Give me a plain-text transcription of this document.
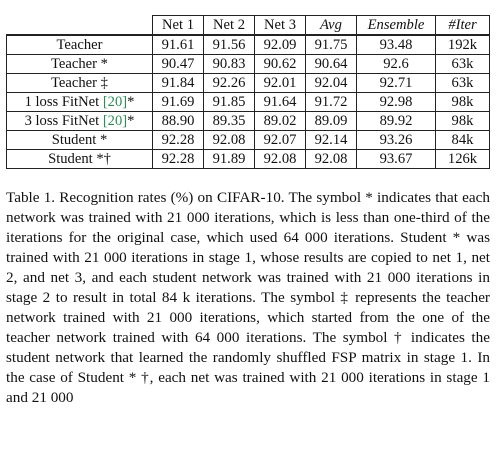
	Net 1	Net 2	Net 3	Avg	Ensemble	#Iter
Teacher	91.61	91.56	92.09	91.75	93.48	192k
Teacher *	90.47	90.83	90.62	90.64	92.6	63k
Teacher ‡	91.84	92.26	92.01	92.04	92.71	63k
1 loss FitNet [20]*	91.69	91.85	91.64	91.72	92.98	98k
3 loss FitNet [20]*	88.90	89.35	89.02	89.09	89.92	98k
Student *	92.28	92.08	92.07	92.14	93.26	84k
Student *†	92.28	91.89	92.08	92.08	93.67	126k

Table 1. Recognition rates (%) on CIFAR-10. The symbol * indicates that each network was trained with 21 000 iterations, which is less than one-third of the iterations for the original case, which used 64 000 iterations. Student * was trained with 21 000 iterations in stage 1, whose results are copied to net 1, net 2, and net 3, and each student network was trained with 21 000 iterations in stage 2 to result in total 84 k iterations. The symbol ‡ represents the teacher network trained with 21 000 iterations, which started from the one of the teacher network trained with 64 000 iterations. The symbol † indicates the student network that learned the randomly shuffled FSP matrix in stage 1. In the case of Student * †, each net was trained with 21 000 iterations in stage 1 and 21 000
